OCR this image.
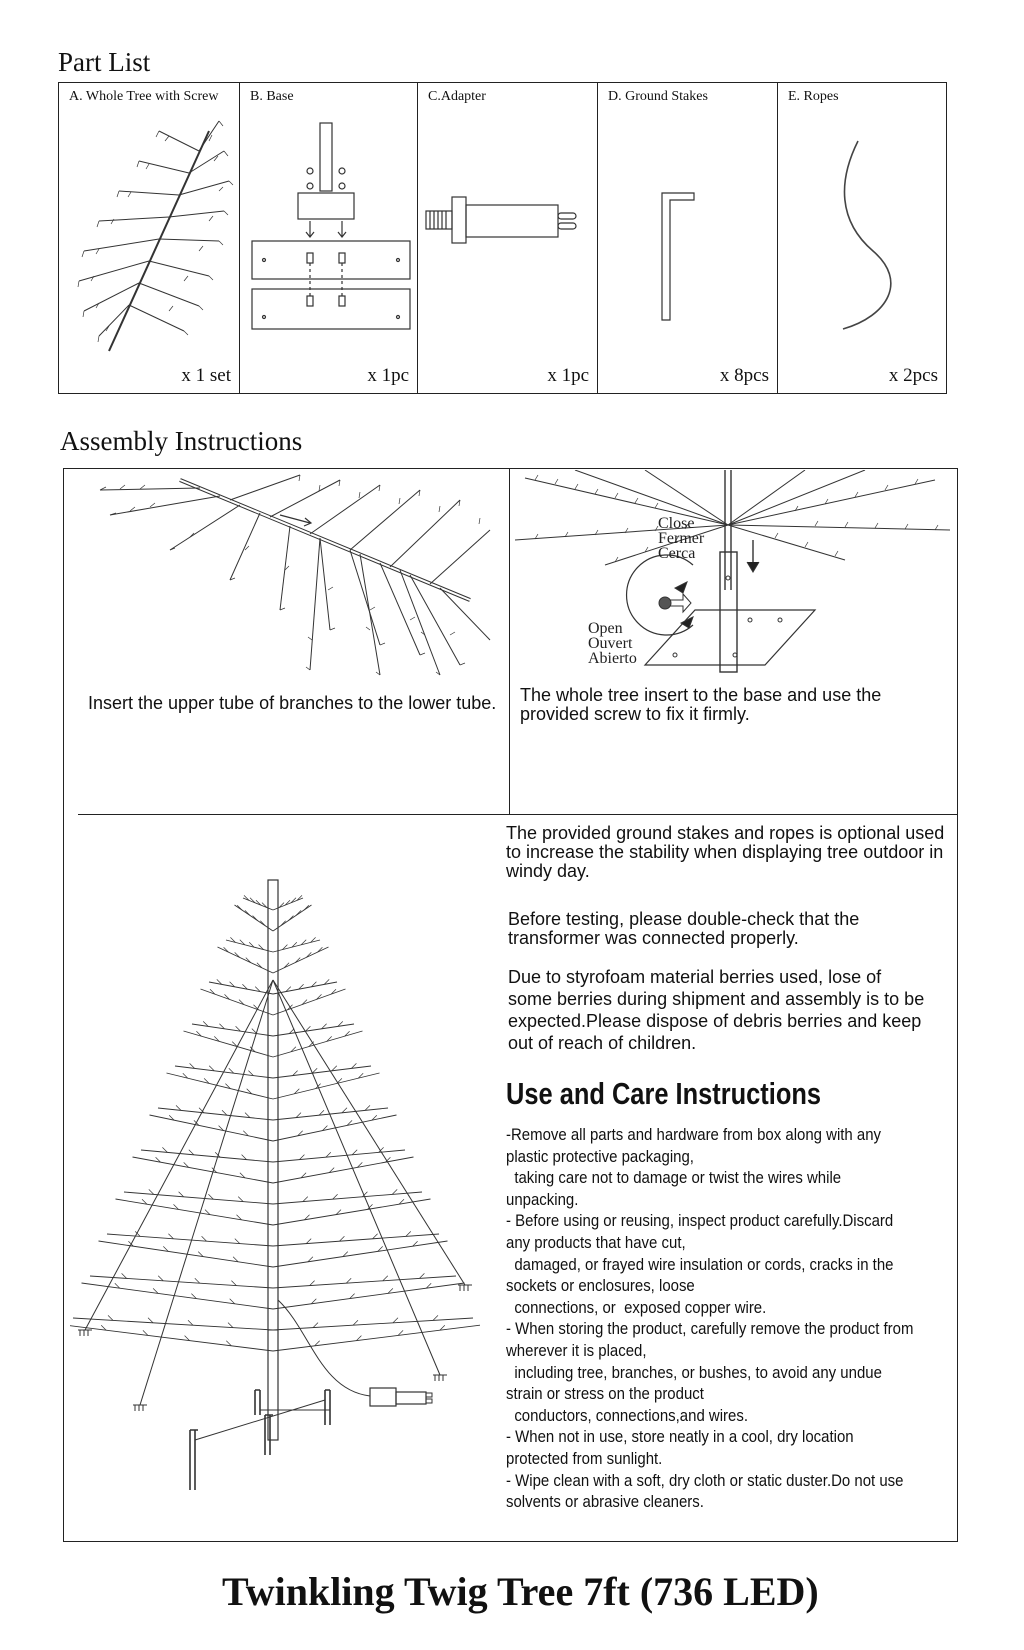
Part List
A. Whole Tree with Screw
x 1 set
B. Base
x 1pc
C.Adapter
x 1pc
D. Ground Stakes
x 8pcs
E. Ropes
x 2pcs
Assembly Instructions
Insert the upper tube of branches to the lower tube.
Close
Fermer
Cerca
Open
Ouvert
Abierto
The whole tree insert to the base and use the provided screw to fix it firmly.
The provided ground stakes and ropes is optional used to increase the stability when displaying tree outdoor in windy day.
Before testing, please double-check that the transformer was connected properly.
Due to styrofoam material berries used, lose of some berries during shipment and assembly is to be expected.Please dispose of debris berries and keep out of reach of children.
Use and Care Instructions
-Remove all parts and hardware from box along with any
plastic protective packaging,
taking care not to damage or twist the wires while
unpacking.
- Before using or reusing, inspect product carefully.Discard
any products that have cut,
damaged, or frayed wire insulation or cords, cracks in the
sockets or enclosures, loose
connections, or  exposed copper wire.
- When storing the product, carefully remove the product from
wherever it is placed,
including tree, branches, or bushes, to avoid any undue
strain or stress on the product
conductors, connections,and wires.
- When not in use, store neatly in a cool, dry location
protected from sunlight.
- Wipe clean with a soft, dry cloth or static duster.Do not use
solvents or abrasive cleaners.
Twinkling Twig Tree 7ft (736 LED)
